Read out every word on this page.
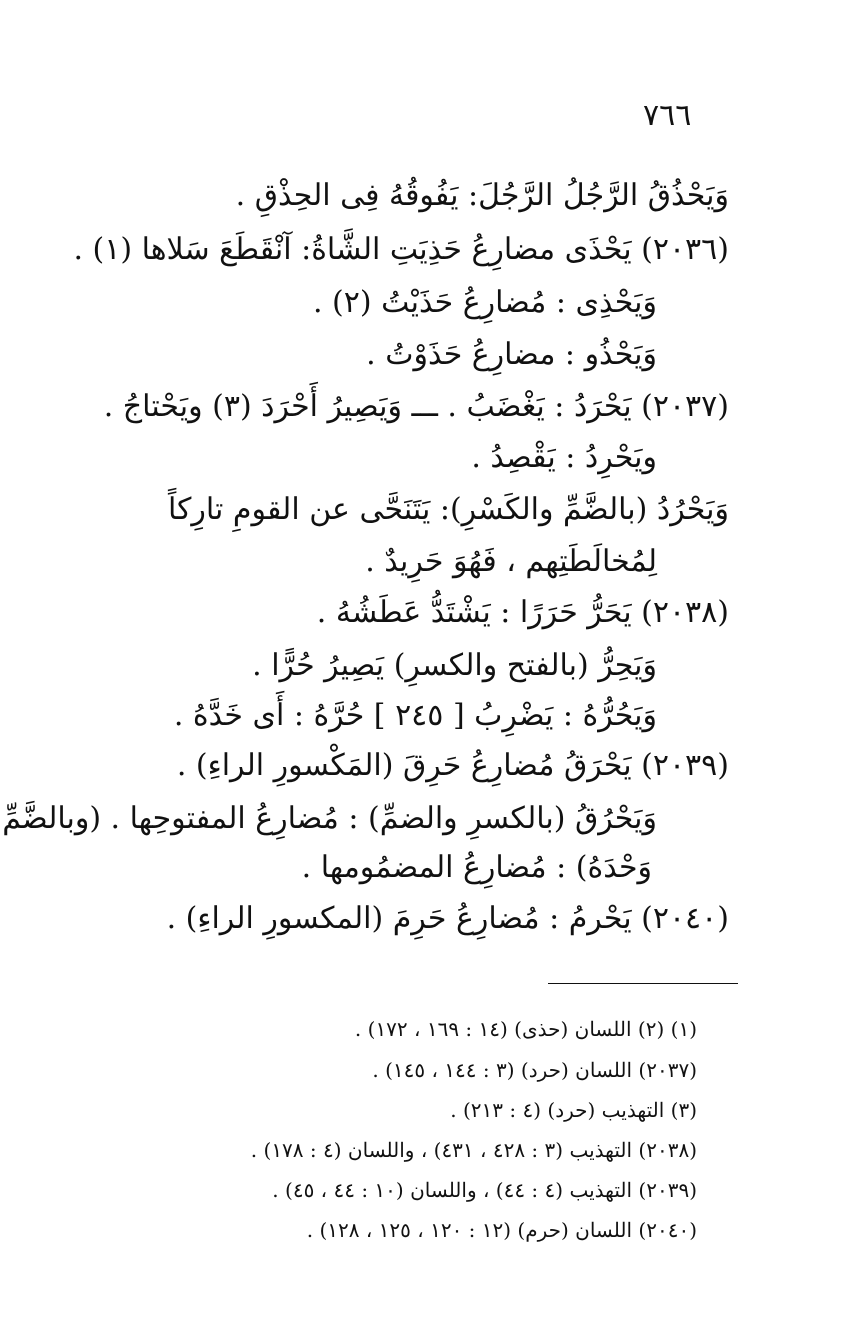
٧٦٦
وَيَحْذُقُ الرَّجُلُ الرَّجُلَ: يَفُوقُهُ فِى الحِذْقِ .
(٢٠٣٦) يَحْذَى مضارِعُ حَذِيَتِ الشَّاةُ: آنْقَطَعَ سَلاها (١) .
وَيَحْذِى : مُضارِعُ حَذَيْتُ (٢) .
وَيَحْذُو : مضارِعُ حَذَوْتُ .
(٢٠٣٧) يَحْرَدُ : يَغْضَبُ . ـــ وَيَصِيرُ أَحْرَدَ (٣) ويَحْتاجُ .
ويَحْرِدُ : يَقْصِدُ .
وَيَحْرُدُ (بالضَّمِّ والكَسْرِ): يَتَنَحَّى عن القومِ تارِكاً
لِمُخالَطَتِهم ، فَهُوَ حَرِيدٌ .
(٢٠٣٨) يَحَرُّ حَرَرًا : يَشْتَدُّ عَطَشُهُ .
وَيَحِرُّ (بالفتح والكسرِ) يَصِيرُ حُرًّا .
وَيَحُرُّهُ : يَضْرِبُ [ ٢٤٥ ] حُرَّهُ : أَى خَدَّهُ .
(٢٠٣٩) يَحْرَقُ مُضارِعُ حَرِقَ (المَكْسورِ الراءِ) .
وَيَحْرُقُ (بالكسرِ والضمِّ) : مُضارِعُ المفتوحِها . (وبالضَّمِّ
وَحْدَهُ) : مُضارِعُ المضمُومها .
(٢٠٤٠) يَحْرمُ : مُضارِعُ حَرِمَ (المكسورِ الراءِ) .
(١) (٢) اللسان (حذى) (١٤ : ١٦٩ ، ١٧٢) .
(٢٠٣٧) اللسان (حرد) (٣ : ١٤٤ ، ١٤٥) .
(٣) التهذيب (حرد) (٤ : ٢١٣) .
(٢٠٣٨) التهذيب (٣ : ٤٢٨ ، ٤٣١) ، واللسان (٤ : ١٧٨) .
(٢٠٣٩) التهذيب (٤ : ٤٤) ، واللسان (١٠ : ٤٤ ، ٤٥) .
(٢٠٤٠) اللسان (حرم) (١٢ : ١٢٠ ، ١٢٥ ، ١٢٨) .
